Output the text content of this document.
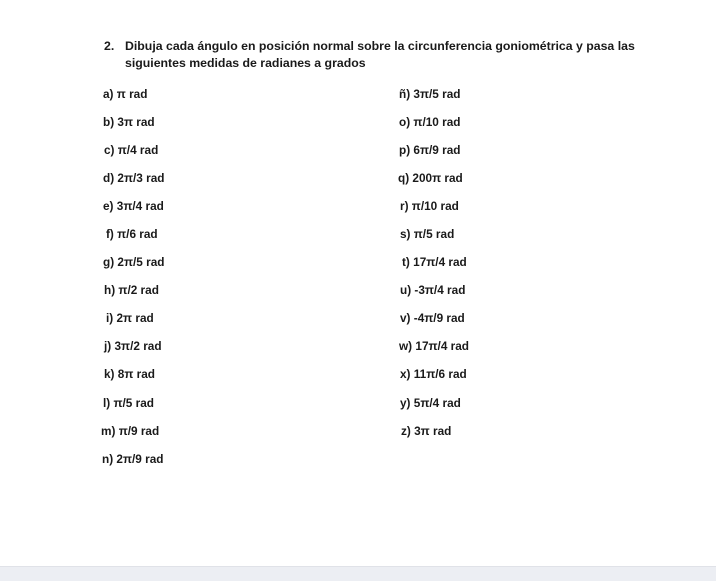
2. Dibuja cada ángulo en posición normal sobre la circunferencia goniométrica y pasa las siguientes medidas de radianes a grados
a) π rad
b) 3π rad
c) π/4 rad
d) 2π/3 rad
e) 3π/4 rad
f) π/6 rad
g) 2π/5 rad
h) π/2 rad
i) 2π rad
j) 3π/2 rad
k) 8π rad
l) π/5 rad
m) π/9 rad
n) 2π/9 rad
ñ) 3π/5 rad
o) π/10 rad
p) 6π/9 rad
q) 200π rad
r) π/10 rad
s) π/5 rad
t) 17π/4 rad
u) -3π/4 rad
v) -4π/9 rad
w) 17π/4 rad
x) 11π/6 rad
y) 5π/4 rad
z) 3π rad
